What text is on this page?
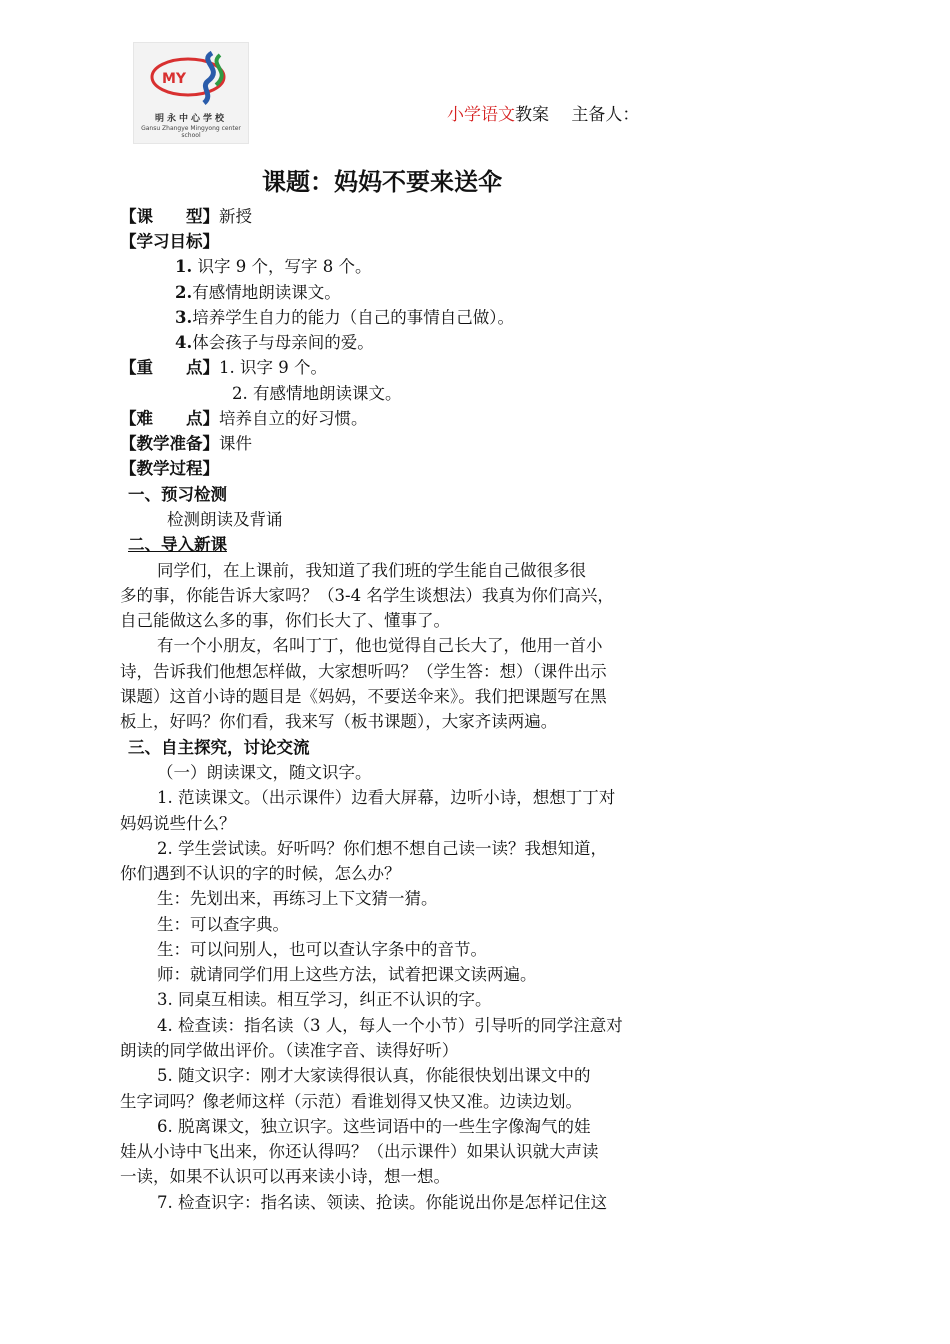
MY
明永中心学校
Gansu Zhangye Mingyong center school
小学语文教案　 主备人：
课题：妈妈不要来送伞
【课　　型】新授
【学习目标】
1. 识字 9 个，写字 8 个。
2.有感情地朗读课文。
3.培养学生自力的能力（自己的事情自己做）。
4.体会孩子与母亲间的爱。
【重　　点】1. 识字 9 个。
2. 有感情地朗读课文。
【难　　点】培养自立的好习惯。
【教学准备】课件
【教学过程】
一、预习检测
检测朗读及背诵
二、导入新课
同学们，在上课前，我知道了我们班的学生能自己做很多很
多的事，你能告诉大家吗？（3-4 名学生谈想法）我真为你们高兴，
自己能做这么多的事，你们长大了、懂事了。
有一个小朋友，名叫丁丁，他也觉得自己长大了，他用一首小
诗，告诉我们他想怎样做，大家想听吗？（学生答：想）（课件出示
课题）这首小诗的题目是《妈妈，不要送伞来》。我们把课题写在黑
板上，好吗？你们看，我来写（板书课题），大家齐读两遍。
三、自主探究，讨论交流
（一）朗读课文，随文识字。
1. 范读课文。（出示课件）边看大屏幕，边听小诗，想想丁丁对
妈妈说些什么？
2. 学生尝试读。好听吗？你们想不想自己读一读？我想知道，
你们遇到不认识的字的时候，怎么办？
生：先划出来，再练习上下文猜一猜。
生：可以查字典。
生：可以问别人，也可以查认字条中的音节。
师：就请同学们用上这些方法，试着把课文读两遍。
3. 同桌互相读。相互学习，纠正不认识的字。
4. 检查读：指名读（3 人，每人一个小节）引导听的同学注意对
朗读的同学做出评价。（读准字音、读得好听）
5. 随文识字：刚才大家读得很认真，你能很快划出课文中的
生字词吗？像老师这样（示范）看谁划得又快又准。边读边划。
6. 脱离课文，独立识字。这些词语中的一些生字像淘气的娃
娃从小诗中飞出来，你还认得吗？（出示课件）如果认识就大声读
一读，如果不认识可以再来读小诗，想一想。
7. 检查识字：指名读、领读、抢读。你能说出你是怎样记住这
